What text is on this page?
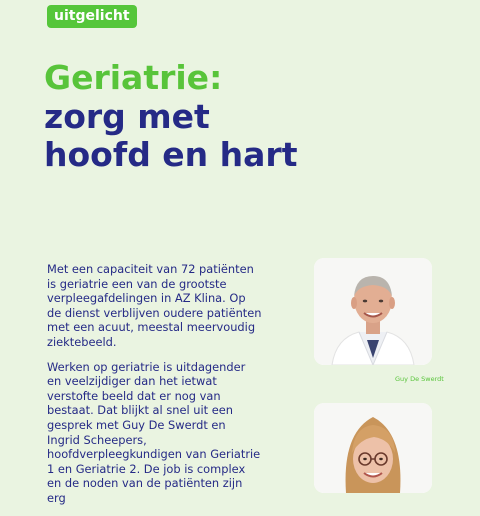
uitgelicht
Geriatrie:
zorg met
hoofd en hart

Met een capaciteit van 72 patiënten is geriatrie een van de grootste verpleegafdelingen in AZ Klina. Op de dienst verblijven oudere patiënten met een acuut, meestal meervoudig ziektebeeld.

Werken op geriatrie is uitdagender en veelzijdiger dan het ietwat verstofte beeld dat er nog van bestaat. Dat blijkt al snel uit een gesprek met Guy De Swerdt en Ingrid Scheepers, hoofdverpleegkundigen van Geriatrie 1 en Geriatrie 2. De job is complex en de noden van de patiënten zijn erg

Guy De Swerdt
